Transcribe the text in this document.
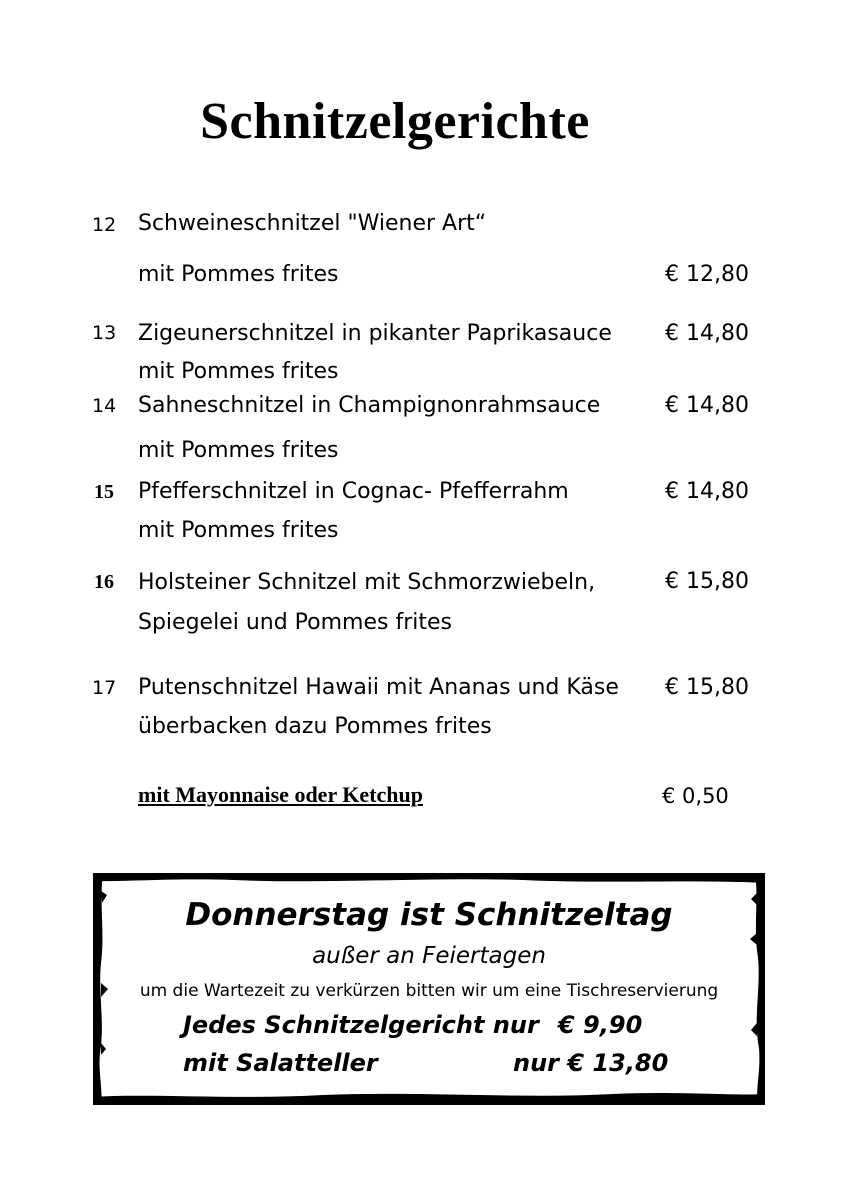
Schnitzelgerichte
12 Schweineschnitzel "Wiener Art“
mit Pommes frites	€ 12,80
13 Zigeunerschnitzel in pikanter Paprikasauce € 14,80
mit Pommes frites
14 Sahneschnitzel in Champignonrahmsauce	€ 14,80
mit Pommes frites
15 Pfefferschnitzel in Cognac- Pfefferrahm	€ 14,80
mit Pommes frites
16 Holsteiner Schnitzel mit Schmorzwiebeln,	€ 15,80
Spiegelei und Pommes frites
17 Putenschnitzel Hawaii mit Ananas und Käse € 15,80
überbacken dazu Pommes frites
mit Mayonnaise oder Ketchup	€ 0,50
Donnerstag ist Schnitzeltag
außer an Feiertagen
um die Wartezeit zu verkürzen bitten wir um eine Tischreservierung
Jedes Schnitzelgericht nur € 9,90
mit Salatteller	nur € 13,80
